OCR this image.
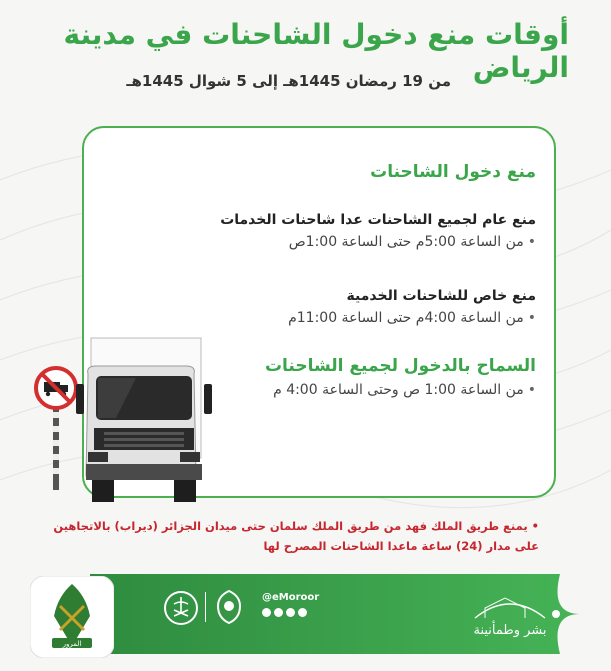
أوقات منع دخول الشاحنات في مدينة الرياض
من 19 رمضان 1445هـ إلى 5 شوال 1445هـ
منع دخول الشاحنات
منع عام لجميع الشاحنات عدا شاحنات الخدمات
•من الساعة 5:00م حتى الساعة 1:00ص
منع خاص للشاحنات الخدمية
•من الساعة 4:00م حتى الساعة 11:00م
السماح بالدخول لجميع الشاحنات
•من الساعة 1:00 ص وحتى الساعة 4:00 م
•يمنع طريق الملك فهد من طريق الملك سلمان حتى ميدان الجزائر (ديراب) بالاتجاهين
على مدار (24) ساعة ماعدا الشاحنات المصرح لها
المرور
@eMoroor
بشر وطمأنينة
